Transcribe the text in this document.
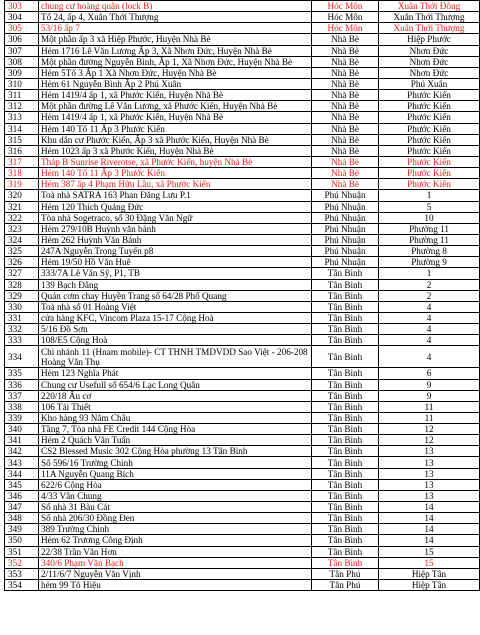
303	chung cư hoàng quân (lock B)	Hóc Môn	Xuân Thới Đông
304	Tổ 24, ấp 4, Xuân Thới Thượng	Hóc Môn	Xuân Thới Thượng
305	53/16 ấp 7	Hóc Môn	Xuân Thới Thượng
306	Một phần ấp 3 xã Hiệp Phước, Huyện Nhà Bè	Nhà Bè	Hiệp Phước
307	Hẻm 1716 Lê Văn Lương Ấp 3, Xã Nhơn Đức, Huyện Nhà Bè	Nhà Bè	Nhơn Đức
308	Một phần đường Nguyễn Bình, Ấp 1, Xã Nhơn Đức, Huyện Nhà Bè	Nhà Bè	Nhơn Đức
309	Hẻm 5Tổ 3 Ấp 1 Xã Nhơn Đức, Huyện Nhà Bè	Nhà Bè	Nhơn Đức
310	Hẻm 61 Nguyễn Bình Ấp 2 Phú Xuân	Nhà Bè	Phú Xuân
311	Hẻm 1419/4 ấp 1, xã Phước Kiển, Huyện Nhà Bè	Nhà Bè	Phước Kiển
312	Một phần đường Lê Văn Lương, xã Phước Kiển, Huyện Nhà Bè	Nhà Bè	Phước Kiển
313	Hẻm 1419/4 ấp 1, xã Phước Kiển, Huyện Nhà Bè	Nhà Bè	Phước Kiển
314	Hẻm 140 Tổ 11 Ấp 3 Phước Kiển	Nhà Bè	Phước Kiển
315	Khu dân cư Phước Kiển, Ấp 3 xã Phước Kiển, Huyện Nhà Bè	Nhà Bè	Phước Kiển
316	Hẻm 1023 ấp 3 xã Phước Kiển, Huyện Nhà Bè	Nhà Bè	Phước Kiển
317	Tháp B Sunrise Riverotse, xã Phước Kiển, huyện Nhà Bè	Nhà Bè	Phước Kiển
318	Hẻm 140 Tổ 11 Ấp 3 Phước Kiển	Nhà Bè	Phước Kiển
319	Hẻm 387 ấp 4 Phạm Hữu Lầu, xã Phước Kiển	Nhà Bè	Phước Kiển
320	Toà nhà SATRA 163 Phan Đăng Lưu P.1	Phú Nhuận	1
321	Hẻm 120 Thích Quảng Đức	Phú Nhuận	5
322	Tòa nhà Sogetraco, số 30 Đặng Văn Ngữ	Phú Nhuận	10
323	Hẻm 279/10B Huỳnh văn bánh	Phú Nhuận	Phường 11
324	Hẻm 262 Huỳnh Văn Bánh	Phú Nhuận	Phường 11
325	247A Nguyễn Trọng Tuyển p8	Phú Nhuận	Phường 8
326	Hẻm 19/50 Hồ Văn Huê	Phú Nhuận	Phường 9
327	333/7A Lê Văn Sỹ, P1, TB	Tân Bình	1
328	139 Bạch Đằng	Tân Bình	2
329	Quán cơm chay Huyền Trang số 64/28 Phổ Quang	Tân Bình	2
330	Toà nhà số 01 Hoàng Việt	Tân Bình	4
331	cửa hàng KFC, Vincom Plaza 15-17 Cộng Hoà	Tân Bình	4
332	5/16 Đồ Sơn	Tân Bình	4
333	108/E5 Cộng Hoà	Tân Bình	4
334	Chi nhánh 11 (Hnam mobile)- CT THNH TMDVDD Sao Việt - 206-208 Hoàng Văn Thụ	Tân Bình	4
335	Hẻm 123 Nghĩa Phát	Tân Bình	6
336	Chung cư Usefull số 654/6 Lạc Long Quân	Tân Bình	9
337	220/18 Âu cơ	Tân Bình	9
338	106 Tái Thiết	Tân Bình	11
339	Kho hàng 93 Năm Châu	Tân Bình	11
340	Tầng 7, Tòa nhà FE Credit 144 Cộng Hòa	Tân Bình	12
341	Hẻm 2 Quách Văn Tuấn	Tân Bình	12
342	CS2 Blessed Music 302 Cộng Hòa phường 13 Tân Bình	Tân Bình	13
343	Số 596/16 Trường Chinh	Tân Bình	13
344	11A Nguyễn Quang Bích	Tân Bình	13
345	622/6 Cộng Hòa	Tân Bình	13
346	4/33 Vân Chung	Tân Bình	13
347	Số nhà 31 Bàu Cát	Tân Bình	14
348	Số nhà 206/30 Đồng Đen	Tân Bình	14
349	389 Trường Chinh	Tân Bình	14
350	Hẻm 62 Trương Công Định	Tân Bình	14
351	22/38 Trần Văn Hơn	Tân Bình	15
352	340/6 Phạm Văn Bạch	Tân Bình	15
353	2/11/6/7 Nguyễn Văn Vịnh	Tân Phú	Hiệp Tân
354	hẻm 99 Tô Hiệu	Tân Phú	Hiệp Tân
